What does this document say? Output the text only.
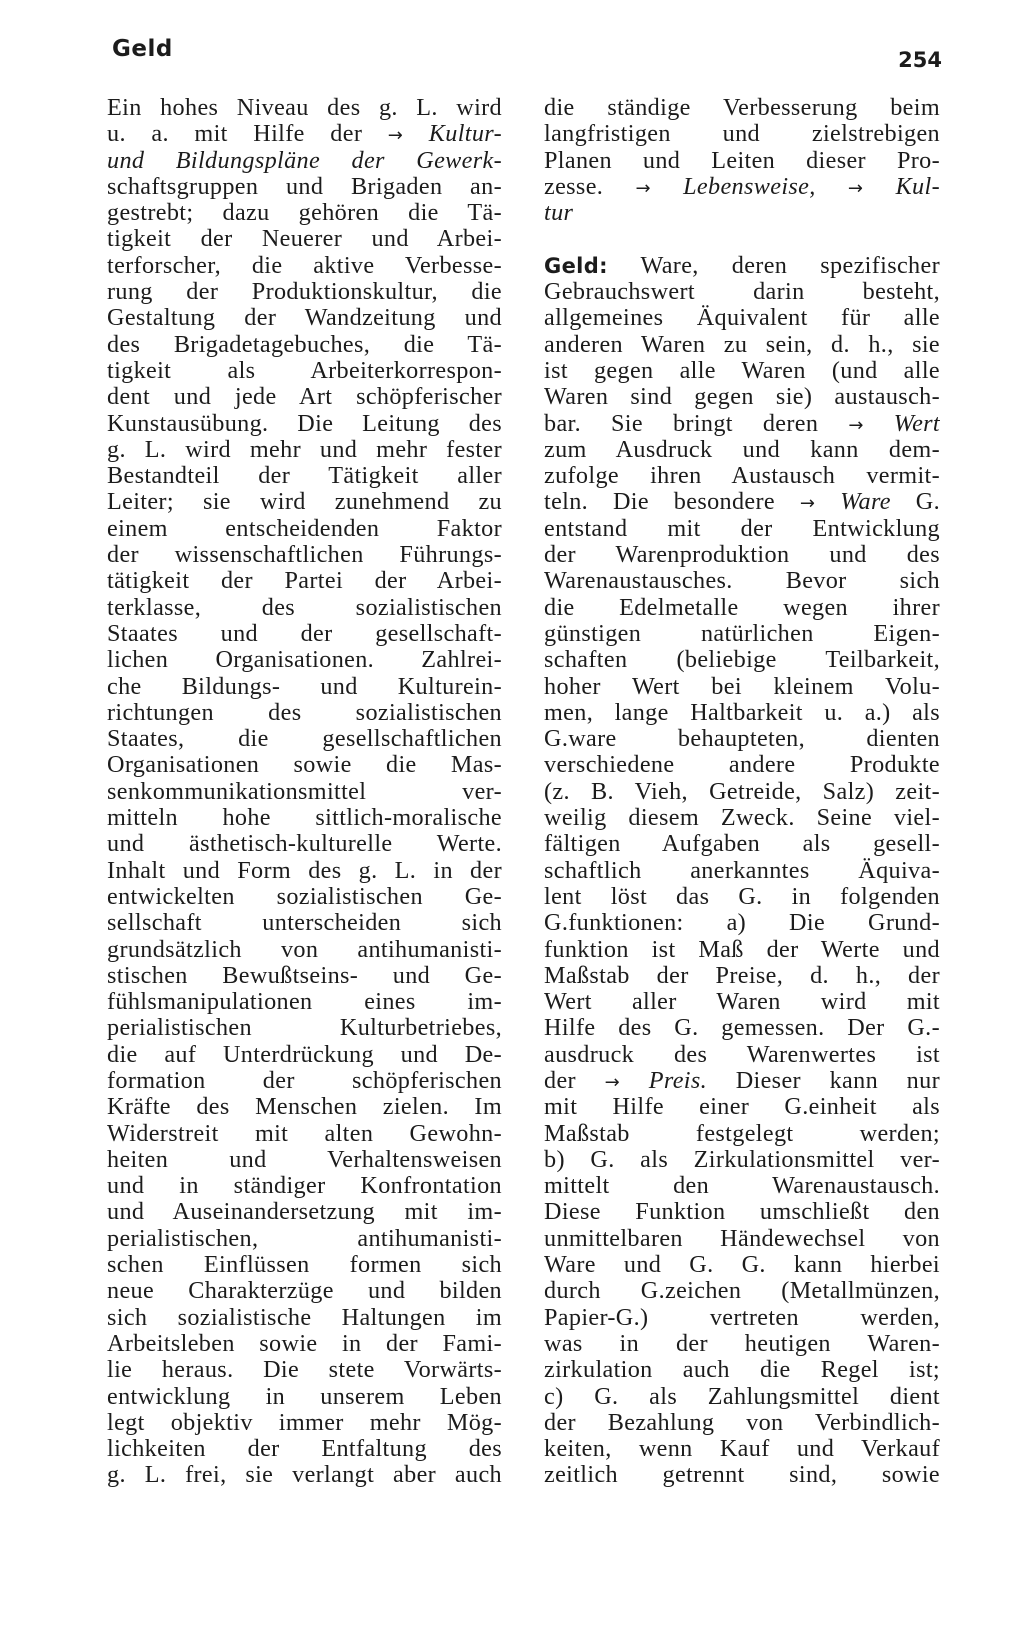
Geld	254
Ein hohes Niveau des g. L. wird
u. a. mit Hilfe der → Kultur-
und Bildungspläne der Gewerk-
schaftsgruppen und Brigaden an-
gestrebt; dazu gehören die Tä-
tigkeit der Neuerer und Arbei-
terforscher, die aktive Verbesse-
rung der Produktionskultur, die
Gestaltung der Wandzeitung und
des Brigadetagebuches, die Tä-
tigkeit als Arbeiterkorrespon-
dent und jede Art schöpferischer
Kunstausübung. Die Leitung des
g. L. wird mehr und mehr fester
Bestandteil der Tätigkeit aller
Leiter; sie wird zunehmend zu
einem entscheidenden Faktor
der wissenschaftlichen Führungs-
tätigkeit der Partei der Arbei-
terklasse, des sozialistischen
Staates und der gesellschaft-
lichen Organisationen. Zahlrei-
che Bildungs- und Kulturein-
richtungen des sozialistischen
Staates, die gesellschaftlichen
Organisationen sowie die Mas-
senkommunikationsmittel ver-
mitteln hohe sittlich-moralische
und ästhetisch-kulturelle Werte.
Inhalt und Form des g. L. in der
entwickelten sozialistischen Ge-
sellschaft unterscheiden sich
grundsätzlich von antihumanisti-
stischen Bewußtseins- und Ge-
fühlsmanipulationen eines im-
perialistischen Kulturbetriebes,
die auf Unterdrückung und De-
formation der schöpferischen
Kräfte des Menschen zielen. Im
Widerstreit mit alten Gewohn-
heiten und Verhaltensweisen
und in ständiger Konfrontation
und Auseinandersetzung mit im-
perialistischen, antihumanisti-
schen Einflüssen formen sich
neue Charakterzüge und bilden
sich sozialistische Haltungen im
Arbeitsleben sowie in der Fami-
lie heraus. Die stete Vorwärts-
entwicklung in unserem Leben
legt objektiv immer mehr Mög-
lichkeiten der Entfaltung des
g. L. frei, sie verlangt aber auch
die ständige Verbesserung beim
langfristigen und zielstrebigen
Planen und Leiten dieser Pro-
zesse. → Lebensweise, → Kul-
tur
Geld: Ware, deren spezifischer
Gebrauchswert darin besteht,
allgemeines Äquivalent für alle
anderen Waren zu sein, d. h., sie
ist gegen alle Waren (und alle
Waren sind gegen sie) austausch-
bar. Sie bringt deren → Wert
zum Ausdruck und kann dem-
zufolge ihren Austausch vermit-
teln. Die besondere → Ware G.
entstand mit der Entwicklung
der Warenproduktion und des
Warenaustausches. Bevor sich
die Edelmetalle wegen ihrer
günstigen natürlichen Eigen-
schaften (beliebige Teilbarkeit,
hoher Wert bei kleinem Volu-
men, lange Haltbarkeit u. a.) als
G.ware behaupteten, dienten
verschiedene andere Produkte
(z. B. Vieh, Getreide, Salz) zeit-
weilig diesem Zweck. Seine viel-
fältigen Aufgaben als gesell-
schaftlich anerkanntes Äquiva-
lent löst das G. in folgenden
G.funktionen: a) Die Grund-
funktion ist Maß der Werte und
Maßstab der Preise, d. h., der
Wert aller Waren wird mit
Hilfe des G. gemessen. Der G.-
ausdruck des Warenwertes ist
der → Preis. Dieser kann nur
mit Hilfe einer G.einheit als
Maßstab festgelegt werden;
b) G. als Zirkulationsmittel ver-
mittelt den Warenaustausch.
Diese Funktion umschließt den
unmittelbaren Händewechsel von
Ware und G. G. kann hierbei
durch G.zeichen (Metallmünzen,
Papier-G.) vertreten werden,
was in der heutigen Waren-
zirkulation auch die Regel ist;
c) G. als Zahlungsmittel dient
der Bezahlung von Verbindlich-
keiten, wenn Kauf und Verkauf
zeitlich getrennt sind, sowie
